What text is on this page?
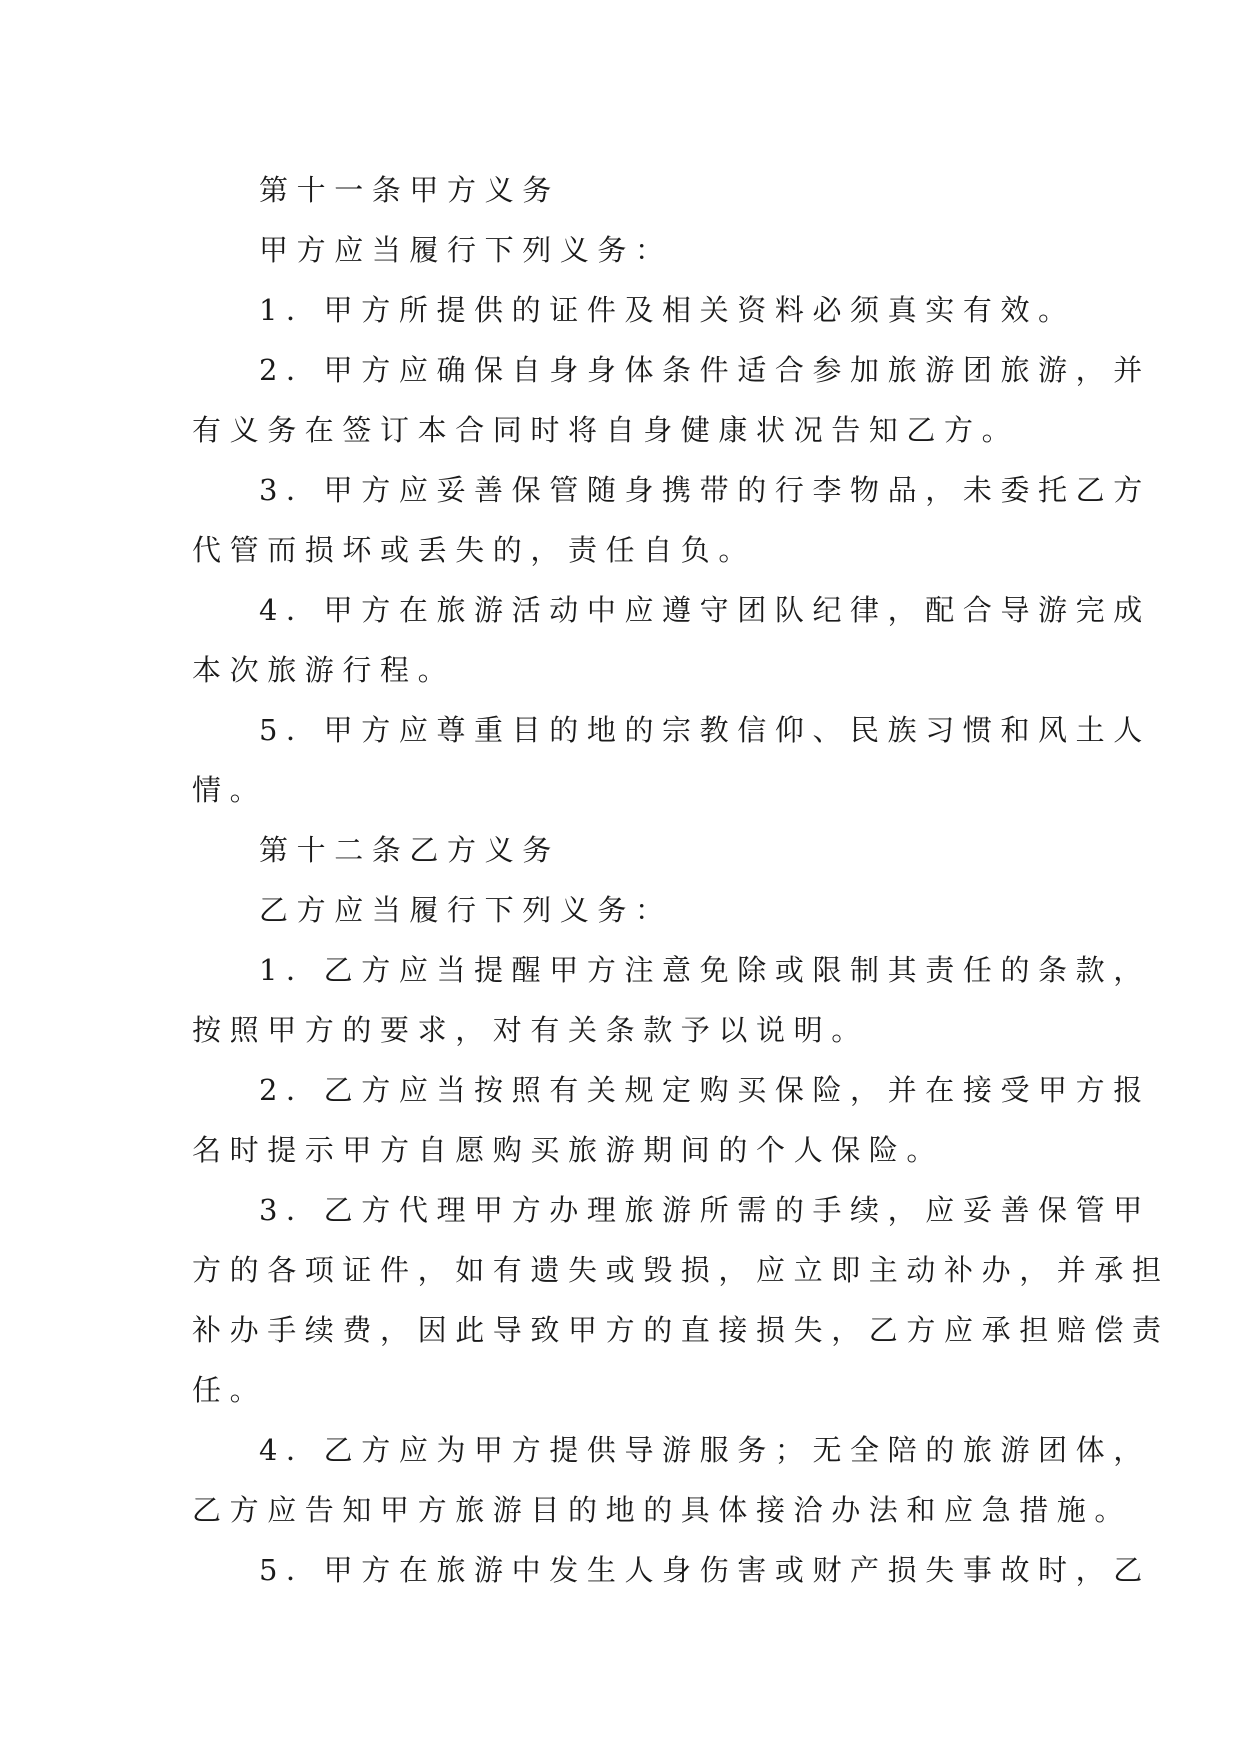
第十一条甲方义务
甲方应当履行下列义务：
1．甲方所提供的证件及相关资料必须真实有效。
2．甲方应确保自身身体条件适合参加旅游团旅游，并
有义务在签订本合同时将自身健康状况告知乙方。
3．甲方应妥善保管随身携带的行李物品，未委托乙方
代管而损坏或丢失的，责任自负。
4．甲方在旅游活动中应遵守团队纪律，配合导游完成
本次旅游行程。
5．甲方应尊重目的地的宗教信仰、民族习惯和风土人
情。
第十二条乙方义务
乙方应当履行下列义务：
1．乙方应当提醒甲方注意免除或限制其责任的条款，
按照甲方的要求，对有关条款予以说明。
2．乙方应当按照有关规定购买保险，并在接受甲方报
名时提示甲方自愿购买旅游期间的个人保险。
3．乙方代理甲方办理旅游所需的手续，应妥善保管甲
方的各项证件，如有遗失或毁损，应立即主动补办，并承担
补办手续费，因此导致甲方的直接损失，乙方应承担赔偿责
任。
4．乙方应为甲方提供导游服务；无全陪的旅游团体，
乙方应告知甲方旅游目的地的具体接洽办法和应急措施。
5．甲方在旅游中发生人身伤害或财产损失事故时，乙
